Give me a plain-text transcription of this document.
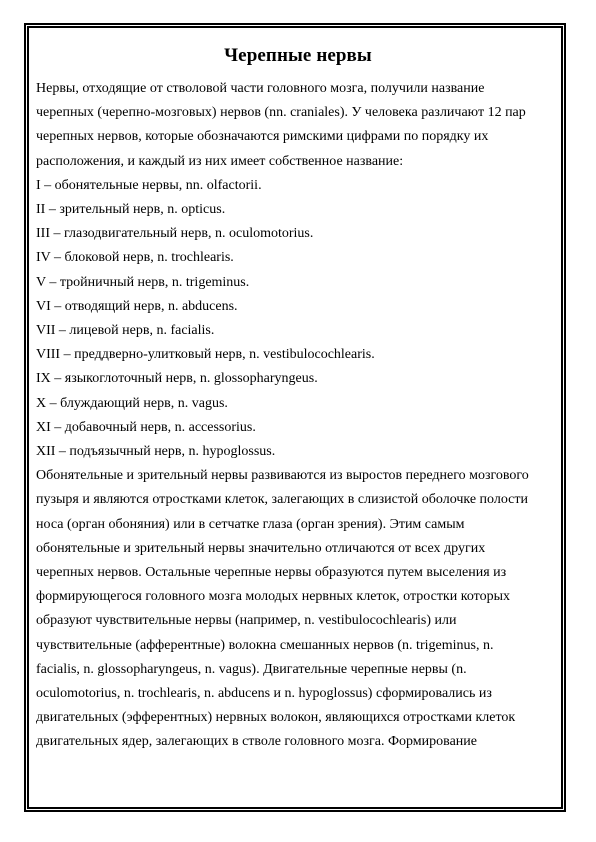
Черепные нервы
Нервы, отходящие от стволовой части головного мозга, получили название
черепных (черепно-мозговых) нервов (nn. craniales). У человека различают 12 пар
черепных нервов, которые обозначаются римскими цифрами по порядку их
расположения, и каждый из них имеет собственное название:
I – обонятельные нервы, nn. olfactorii.
II – зрительный нерв, n. opticus.
III – глазодвигательный нерв, n. oculomotorius.
IV – блоковой нерв, n. trochlearis.
V – тройничный нерв, n. trigeminus.
VI – отводящий нерв, n. abducens.
VII – лицевой нерв, n. facialis.
VIII – преддверно-улитковый нерв, n. vestibulocochlearis.
IX – языкоглоточный нерв, n. glossopharyngeus.
X – блуждающий нерв, n. vagus.
XI – добавочный нерв, n. accessorius.
XII – подъязычный нерв, n. hypoglossus.
Обонятельные и зрительный нервы развиваются из выростов переднего мозгового
пузыря и являются отростками клеток, залегающих в слизистой оболочке полости
носа (орган обоняния) или в сетчатке глаза (орган зрения). Этим самым
обонятельные и зрительный нервы значительно отличаются от всех других
черепных нервов. Остальные черепные нервы образуются путем выселения из
формирующегося головного мозга молодых нервных клеток, отростки которых
образуют чувствительные нервы (например, n. vestibulocochlearis) или
чувствительные (афферентные) волокна смешанных нервов (n. trigeminus, n.
facialis, n. glossopharyngeus, n. vagus). Двигательные черепные нервы (n.
oculomotorius, n. trochlearis, n. abducens и n. hypoglossus) сформировались из
двигательных (эфферентных) нервных волокон, являющихся отростками клеток
двигательных ядер, залегающих в стволе головного мозга. Формирование
